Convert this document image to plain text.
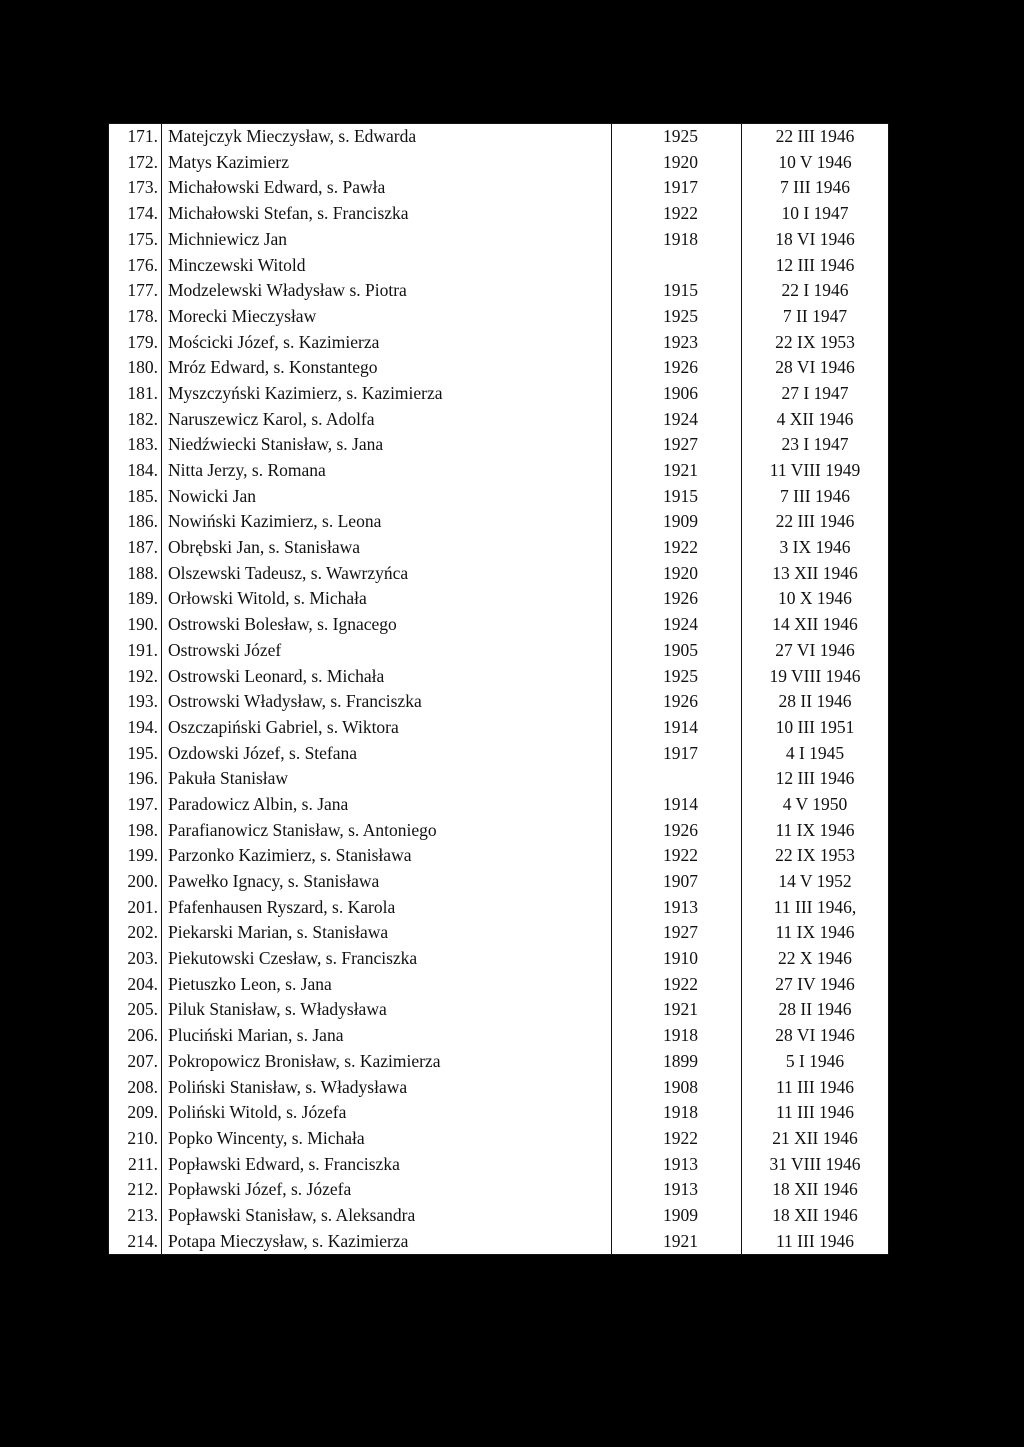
171.	Matejczyk Mieczysław, s. Edwarda	1925	22 III 1946
172.	Matys Kazimierz	1920	10 V 1946
173.	Michałowski Edward, s. Pawła	1917	7 III 1946
174.	Michałowski Stefan, s. Franciszka	1922	10 I 1947
175.	Michniewicz Jan	1918	18 VI 1946
176.	Minczewski Witold		12 III 1946
177.	Modzelewski Władysław s. Piotra	1915	22 I 1946
178.	Morecki Mieczysław	1925	7 II 1947
179.	Mościcki Józef, s. Kazimierza	1923	22 IX 1953
180.	Mróz Edward, s. Konstantego	1926	28 VI 1946
181.	Myszczyński Kazimierz, s. Kazimierza	1906	27 I 1947
182.	Naruszewicz Karol, s. Adolfa	1924	4 XII 1946
183.	Niedźwiecki Stanisław, s. Jana	1927	23 I 1947
184.	Nitta Jerzy, s. Romana	1921	11 VIII 1949
185.	Nowicki Jan	1915	7 III 1946
186.	Nowiński Kazimierz, s. Leona	1909	22 III 1946
187.	Obrębski Jan, s. Stanisława	1922	3 IX 1946
188.	Olszewski Tadeusz, s. Wawrzyńca	1920	13 XII 1946
189.	Orłowski Witold, s. Michała	1926	10 X 1946
190.	Ostrowski Bolesław, s. Ignacego	1924	14 XII 1946
191.	Ostrowski Józef	1905	27 VI 1946
192.	Ostrowski Leonard, s. Michała	1925	19 VIII 1946
193.	Ostrowski Władysław, s. Franciszka	1926	28 II 1946
194.	Oszczapiński Gabriel, s. Wiktora	1914	10 III 1951
195.	Ozdowski Józef, s. Stefana	1917	4 I 1945
196.	Pakuła Stanisław		12 III 1946
197.	Paradowicz Albin, s. Jana	1914	4 V 1950
198.	Parafianowicz Stanisław, s. Antoniego	1926	11 IX 1946
199.	Parzonko Kazimierz, s. Stanisława	1922	22 IX 1953
200.	Pawełko Ignacy, s. Stanisława	1907	14 V 1952
201.	Pfafenhausen Ryszard, s. Karola	1913	11 III 1946,
202.	Piekarski Marian, s. Stanisława	1927	11 IX 1946
203.	Piekutowski Czesław, s. Franciszka	1910	22 X 1946
204.	Pietuszko Leon, s. Jana	1922	27 IV 1946
205.	Piluk Stanisław, s. Władysława	1921	28 II 1946
206.	Pluciński Marian, s. Jana	1918	28 VI 1946
207.	Pokropowicz Bronisław, s. Kazimierza	1899	5 I 1946
208.	Poliński Stanisław, s. Władysława	1908	11 III 1946
209.	Poliński Witold, s. Józefa	1918	11 III 1946
210.	Popko Wincenty, s. Michała	1922	21 XII 1946
211.	Popławski Edward, s. Franciszka	1913	31 VIII 1946
212.	Popławski Józef, s. Józefa	1913	18 XII 1946
213.	Popławski Stanisław, s. Aleksandra	1909	18 XII 1946
214.	Potapa Mieczysław, s. Kazimierza	1921	11 III 1946
